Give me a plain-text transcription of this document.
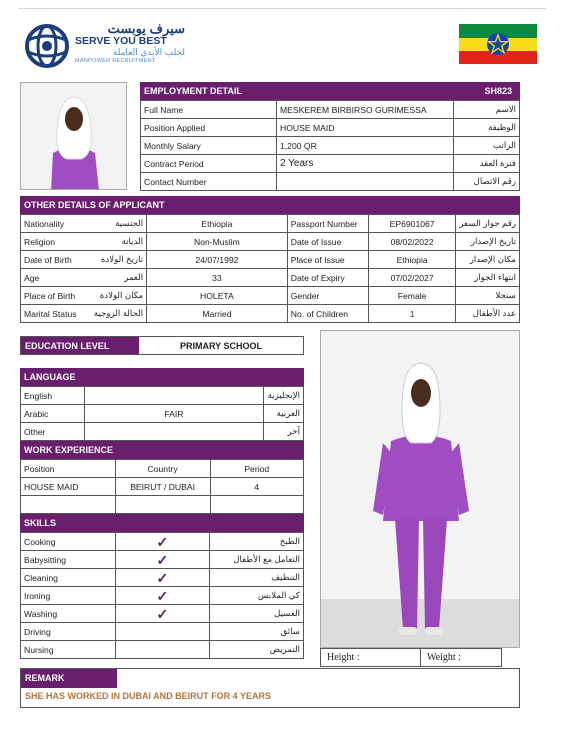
سيرف يوبست
SERVE YOU BEST
لجلب الأيدي العاملة
MANPOWER RECRUITMENT
EMPLOYMENT DETAIL	SH823
Full Name	MESKEREM BIRBIRSO GURIMESSA	الاسم
Position Applied	HOUSE MAID	الوظيفة
Monthly Salary	1,200 QR	الراتب
Contract Period	2 Years	فترة العقد
Contact Number		رقم الاتصال
OTHER DETAILS OF APPLICANT
Nationality	الجنسية	Ethiopia	Passport Number	EP6901067	رقم جواز السفر
Religion	الديانة	Non-Muslim	Date of Issue	08/02/2022	تاريخ الإصدار
Date of Birth	تاريخ الولادة	24/07/1992	Place of Issue	Ethiopia	مكان الإصدار
Age	العمر	33	Date of Expiry	07/02/2027	انتهاء الجواز
Place of Birth	مكان الولادة	HOLETA	Gender	Female	سنجلا
Marital Status	الحالة الزوجية	Married	No. of Children	1	عدد الأطفال
EDUCATION LEVEL	PRIMARY SCHOOL
LANGUAGE
English		الإنجليزية
Arabic	FAIR	العربية
Other		آخر
WORK EXPERIENCE
Position	Country	Period
HOUSE MAID	BEIRUT / DUBAI	4

SKILLS
Cooking	✓	الطبخ
Babysitting	✓	التعامل مع الأطفال
Cleaning	✓	التنظيف
Ironing	✓	كي الملابس
Washing	✓	الغسيل
Driving		سائق
Nursing		التمريض
Height :	Weight :
REMARK
SHE HAS WORKED IN DUBAI AND BEIRUT FOR 4 YEARS
